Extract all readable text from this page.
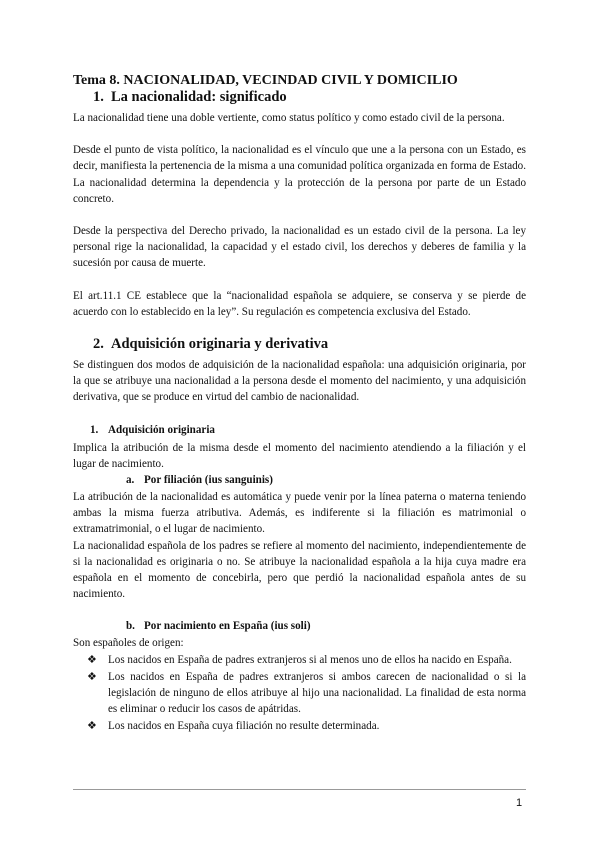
Tema 8. NACIONALIDAD, VECINDAD CIVIL Y DOMICILIO
1. La nacionalidad: significado

La nacionalidad tiene una doble vertiente, como status político y como estado civil de la persona.

Desde el punto de vista político, la nacionalidad es el vínculo que une a la persona con un Estado, es decir, manifiesta la pertenencia de la misma a una comunidad política organizada en forma de Estado. La nacionalidad determina la dependencia y la protección de la persona por parte de un Estado concreto.

Desde la perspectiva del Derecho privado, la nacionalidad es un estado civil de la persona. La ley personal rige la nacionalidad, la capacidad y el estado civil, los derechos y deberes de familia y la sucesión por causa de muerte.

El art.11.1 CE establece que la “nacionalidad española se adquiere, se conserva y se pierde de acuerdo con lo establecido en la ley”. Su regulación es competencia exclusiva del Estado.

2. Adquisición originaria y derivativa

Se distinguen dos modos de adquisición de la nacionalidad española: una adquisición originaria, por la que se atribuye una nacionalidad a la persona desde el momento del nacimiento, y una adquisición derivativa, que se produce en virtud del cambio de nacionalidad.

1. Adquisición originaria

Implica la atribución de la misma desde el momento del nacimiento atendiendo a la filiación y el lugar de nacimiento.

a. Por filiación (ius sanguinis)

La atribución de la nacionalidad es automática y puede venir por la línea paterna o materna teniendo ambas la misma fuerza atributiva. Además, es indiferente si la filiación es matrimonial o extramatrimonial, o el lugar de nacimiento.

La nacionalidad española de los padres se refiere al momento del nacimiento, independientemente de si la nacionalidad es originaria o no. Se atribuye la nacionalidad española a la hija cuya madre era española en el momento de concebirla, pero que perdió la nacionalidad española antes de su nacimiento.

b. Por nacimiento en España (ius soli)

Son españoles de origen:

❖ Los nacidos en España de padres extranjeros si al menos uno de ellos ha nacido en España.
❖ Los nacidos en España de padres extranjeros si ambos carecen de nacionalidad o si la legislación de ninguno de ellos atribuye al hijo una nacionalidad. La finalidad de esta norma es eliminar o reducir los casos de apátridas.
❖ Los nacidos en España cuya filiación no resulte determinada.
1
